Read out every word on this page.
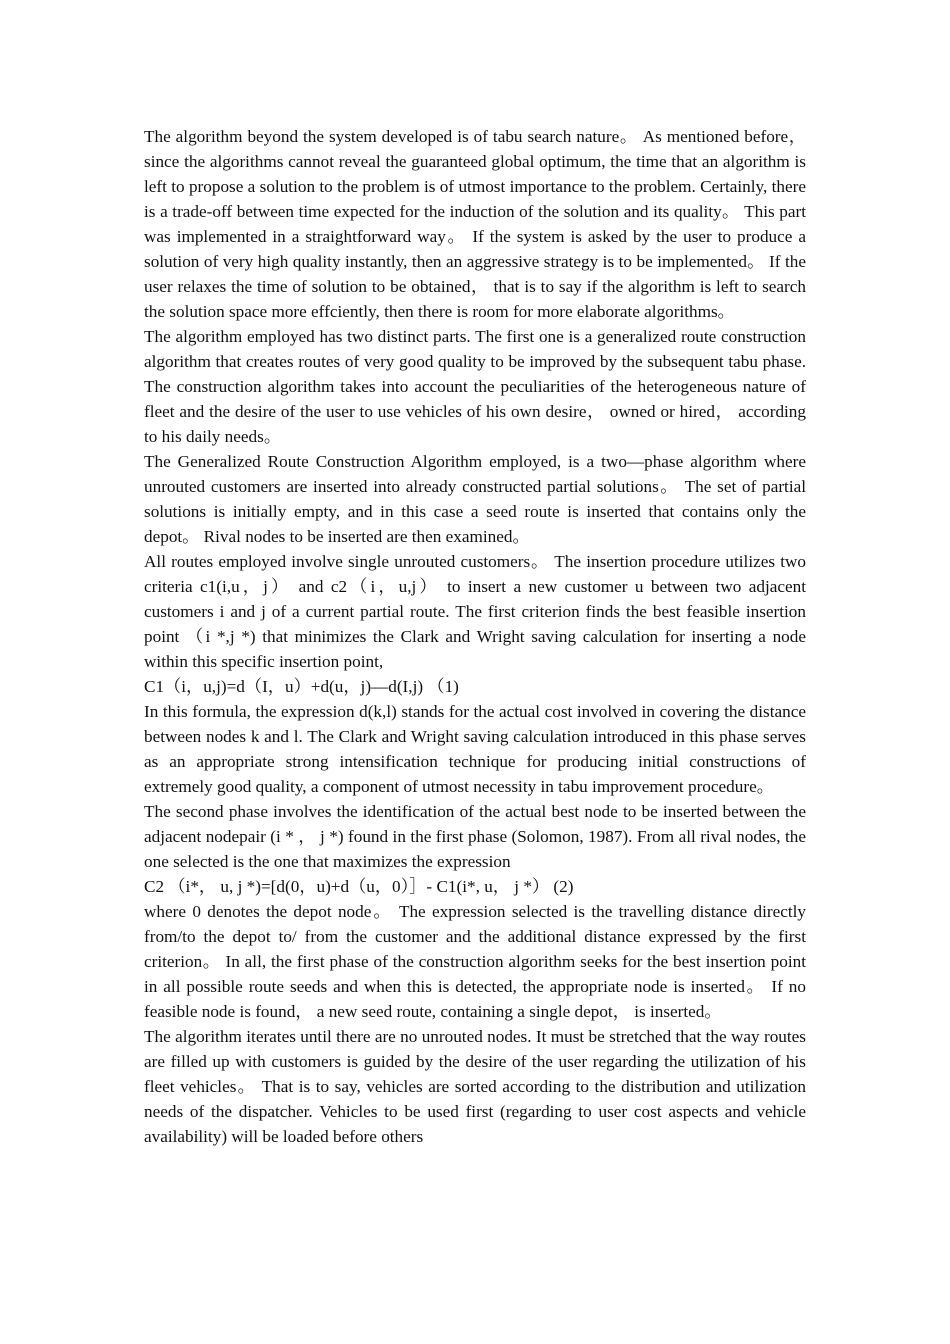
The algorithm beyond the system developed is of tabu search nature。 As mentioned before， since the algorithms cannot reveal the guaranteed global optimum, the time that an algorithm is left to propose a solution to the problem is of utmost importance to the problem. Certainly, there is a trade-off between time expected for the induction of the solution and its quality。 This part was implemented in a straightforward way。 If the system is asked by the user to produce a solution of very high quality instantly, then an aggressive strategy is to be implemented。 If the user relaxes the time of solution to be obtained， that is to say if the algorithm is left to search the solution space more effciently, then there is room for more elaborate algorithms。

The algorithm employed has two distinct parts. The first one is a generalized route construction algorithm that creates routes of very good quality to be improved by the subsequent tabu phase. The construction algorithm takes into account the peculiarities of the heterogeneous nature of fleet and the desire of the user to use vehicles of his own desire， owned or hired， according to his daily needs。

The Generalized Route Construction Algorithm employed, is a two—phase algorithm where unrouted customers are inserted into already constructed partial solutions。 The set of partial solutions is initially empty, and in this case a seed route is inserted that contains only the depot。 Rival nodes to be inserted are then examined。

All routes employed involve single unrouted customers。 The insertion procedure utilizes two criteria c1(i,u，j） and c2（i，u,j） to insert a new customer u between two adjacent customers i and j of a current partial route. The first criterion finds the best feasible insertion point （i *,j *) that minimizes the Clark and Wright saving calculation for inserting a node within this specific insertion point,

C1（i，u,j)=d（I，u）+d(u，j)—d(I,j) （1)

In this formula, the expression d(k,l) stands for the actual cost involved in covering the distance between nodes k and l. The Clark and Wright saving calculation introduced in this phase serves as an appropriate strong intensification technique for producing initial constructions of extremely good quality, a component of utmost necessity in tabu improvement procedure。

The second phase involves the identification of the actual best node to be inserted between the adjacent nodepair (i * ， j *) found in the first phase (Solomon, 1987). From all rival nodes, the one selected is the one that maximizes the expression

C2 （i*， u, j *)=[d(0，u)+d（u，0）］- C1(i*, u， j *） (2)

where 0 denotes the depot node。 The expression selected is the travelling distance directly from/to the depot to/ from the customer and the additional distance expressed by the first criterion。 In all, the first phase of the construction algorithm seeks for the best insertion point in all possible route seeds and when this is detected, the appropriate node is inserted。 If no feasible node is found， a new seed route, containing a single depot， is inserted。

The algorithm iterates until there are no unrouted nodes. It must be stretched that the way routes are filled up with customers is guided by the desire of the user regarding the utilization of his fleet vehicles。 That is to say, vehicles are sorted according to the distribution and utilization needs of the dispatcher. Vehicles to be used first (regarding to user cost aspects and vehicle availability) will be loaded before others
